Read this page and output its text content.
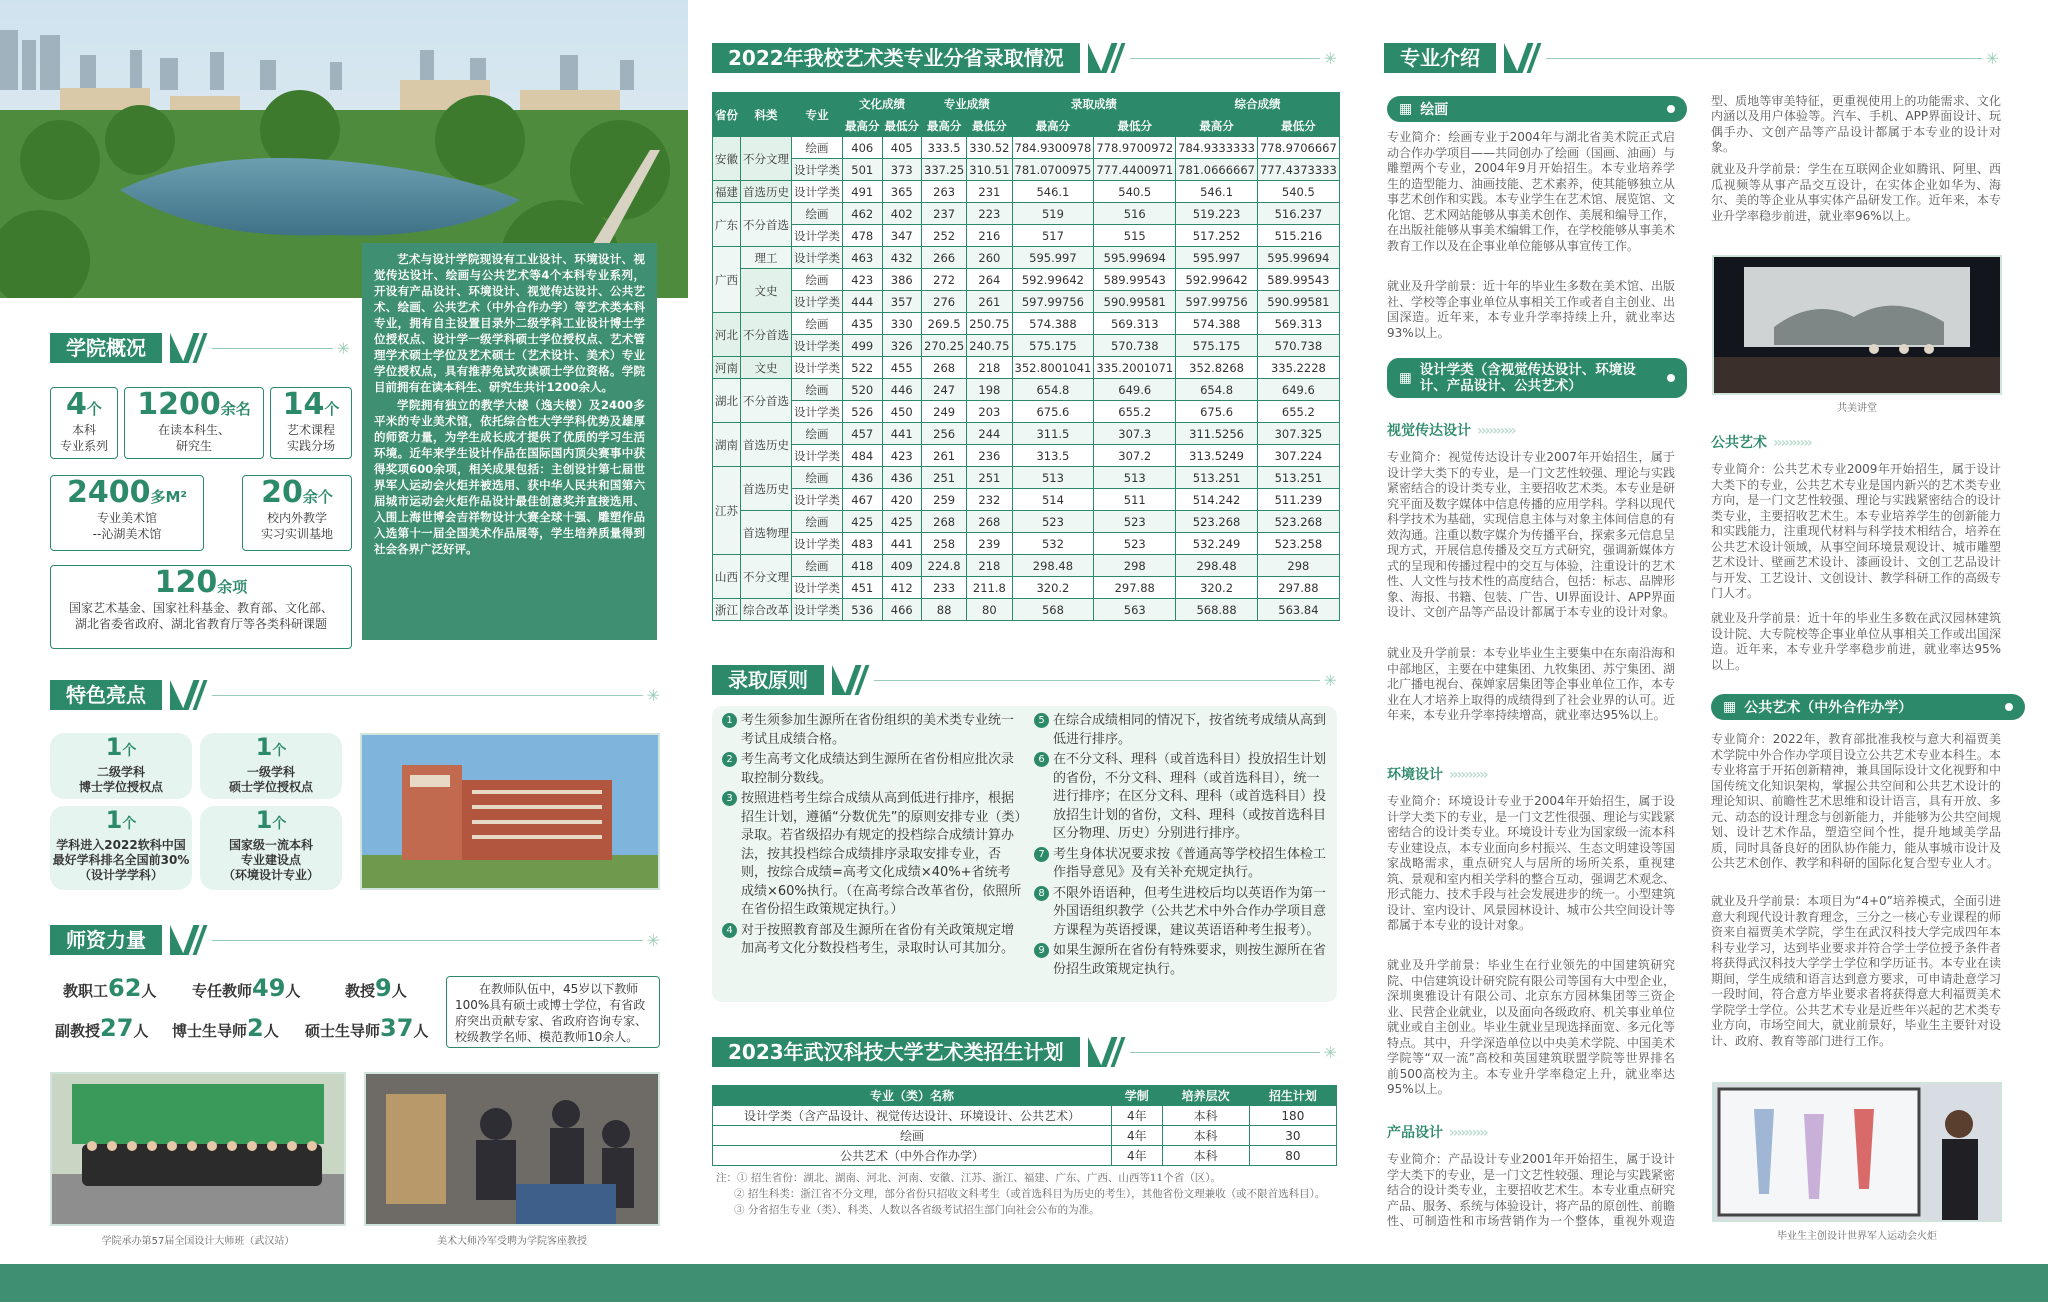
艺术与设计学院现设有工业设计、环境设计、视觉传达设计、绘画与公共艺术等4个本科专业系列，开设有产品设计、环境设计、视觉传达设计、公共艺术、绘画、公共艺术（中外合作办学）等艺术类本科专业，拥有自主设置目录外二级学科工业设计博士学位授权点、设计学一级学科硕士学位授权点、艺术管理学术硕士学位及艺术硕士（艺术设计、美术）专业学位授权点，具有推荐免试攻读硕士学位资格。学院目前拥有在读本科生、研究生共计1200余人。
学院拥有独立的教学大楼（逸夫楼）及2400多平米的专业美术馆，依托综合性大学学科优势及雄厚的师资力量，为学生成长成才提供了优质的学习生活环境。近年来学生设计作品在国际国内顶尖赛事中获得奖项600余项，相关成果包括：主创设计第七届世界军人运动会火炬并被选用、获中华人民共和国第六届城市运动会火炬作品设计最佳创意奖并直接选用、入围上海世博会吉祥物设计大赛全球十强、雕塑作品入选第十一届全国美术作品展等，学生培养质量得到社会各界广泛好评。
学院概况	✳
4个
本科
专业系列
1200余名
在读本科生、
研究生
14个
艺术课程
实践分场
2400多M²
专业美术馆
--沁湖美术馆
20余个
校内外教学
实习实训基地
120余项
国家艺术基金、国家社科基金、教育部、文化部、
湖北省委省政府、湖北省教育厅等各类科研课题
特色亮点	✳
1个
二级学科
博士学位授权点
1个
一级学科
硕士学位授权点
1个
学科进入2022软科中国
最好学科排名全国前30%
（设计学学科）
1个
国家级一流本科
专业建设点
（环境设计专业）
师资力量	✳
教职工62人 专任教师49人	教授9人
副教授27人 博士生导师2人 硕士生导师37人
在教师队伍中，45岁以下教师100%具有硕士或博士学位，有省政府突出贡献专家、省政府咨询专家、校级教学名师、模范教师10余人。
学院承办第57届全国设计大师班（武汉站）	美术大师冷军受聘为学院客座教授
2022年我校艺术类专业分省录取情况	✳
省份	科类	专业	文化成绩		专业成绩		录取成绩		综合成绩	
			最高分	最低分	最高分	最低分	最高分	最低分	最高分	最低分
安徽	不分文理	绘画	406	405	333.5	330.52	784.9300978	778.9700972	784.9333333	778.9706667
		设计学类	501	373	337.25	310.51	781.0700975	777.4400971	781.0666667	777.4373333
福建	首选历史	设计学类	491	365	263	231	546.1	540.5	546.1	540.5
广东	不分首选	绘画	462	402	237	223	519	516	519.223	516.237
		设计学类	478	347	252	216	517	515	517.252	515.216
广西	理工	设计学类	463	432	266	260	595.997	595.99694	595.997	595.99694
	文史	绘画	423	386	272	264	592.99642	589.99543	592.99642	589.99543
		设计学类	444	357	276	261	597.99756	590.99581	597.99756	590.99581
河北	不分首选	绘画	435	330	269.5	250.75	574.388	569.313	574.388	569.313
		设计学类	499	326	270.25	240.75	575.175	570.738	575.175	570.738
河南	文史	设计学类	522	455	268	218	352.8001041	335.2001071	352.8268	335.2228
湖北	不分首选	绘画	520	446	247	198	654.8	649.6	654.8	649.6
		设计学类	526	450	249	203	675.6	655.2	675.6	655.2
湖南	首选历史	绘画	457	441	256	244	311.5	307.3	311.5256	307.325
		设计学类	484	423	261	236	313.5	307.2	313.5249	307.224
江苏	首选历史	绘画	436	436	251	251	513	513	513.251	513.251
		设计学类	467	420	259	232	514	511	514.242	511.239
	首选物理	绘画	425	425	268	268	523	523	523.268	523.268
		设计学类	483	441	258	239	532	523	532.249	523.258
山西	不分文理	绘画	418	409	224.8	218	298.48	298	298.48	298
		设计学类	451	412	233	211.8	320.2	297.88	320.2	297.88
浙江	综合改革	设计学类	536	466	88	80	568	563	568.88	563.84
录取原则	✳
1 考生须参加生源所在省份组织的美术类专业统一考试且成绩合格。
2 考生高考文化成绩达到生源所在省份相应批次录取控制分数线。
3 按照进档考生综合成绩从高到低进行排序，根据招生计划，遵循“分数优先”的原则安排专业（类）录取。若省级招办有规定的投档综合成绩计算办法，按其投档综合成绩排序录取安排专业，否则，按综合成绩=高考文化成绩×40%+省统考成绩×60%执行。（在高考综合改革省份，依照所在省份招生政策规定执行。）
4 对于按照教育部及生源所在省份有关政策规定增加高考文化分数投档考生，录取时认可其加分。
5 在综合成绩相同的情况下，按省统考成绩从高到低进行排序。
6 在不分文科、理科（或首选科目）投放招生计划的省份，不分文科、理科（或首选科目），统一进行排序；在区分文科、理科（或首选科目）投放招生计划的省份，文科、理科（或按首选科目区分物理、历史）分别进行排序。
7 考生身体状况要求按《普通高等学校招生体检工作指导意见》及有关补充规定执行。
8 不限外语语种，但考生进校后均以英语作为第一外国语组织教学（公共艺术中外合作办学项目意方课程为英语授课，建议英语语种考生报考）。
9 如果生源所在省份有特殊要求，则按生源所在省份招生政策规定执行。
2023年武汉科技大学艺术类招生计划	✳
专业（类）名称	学制	培养层次	招生计划
设计学类（含产品设计、视觉传达设计、环境设计、公共艺术）	4年	本科	180
绘画	4年	本科	30
公共艺术（中外合作办学）	4年	本科	80
注：① 招生省份：湖北、湖南、河北、河南、安徽、江苏、浙江、福建、广东、广西、山西等11个省（区）。
② 招生科类：浙江省不分文理，部分省份只招收文科考生（或首选科目为历史的考生），其他省份文理兼收（或不限首选科目）。
③ 分省招生专业（类）、科类、人数以各省级考试招生部门向社会公布的为准。
专业介绍	✳
▦ 绘画
专业简介：绘画专业于2004年与湖北省美术院正式启动合作办学项目——共同创办了绘画（国画、油画）与雕塑两个专业，2004年9月开始招生。本专业培养学生的造型能力、油画技能、艺术素养，使其能够独立从事艺术创作和实践。本专业学生在艺术馆、展览馆、文化馆、艺术网站能够从事美术创作、美展和编导工作，在出版社能够从事美术编辑工作，在学校能够从事美术教育工作以及在企事业单位能够从事宣传工作。
就业及升学前景：近十年的毕业生多数在美术馆、出版社、学校等企事业单位从事相关工作或者自主创业、出国深造。近年来，本专业升学率持续上升，就业率达93%以上。
▦ 设计学类（含视觉传达设计、环境设计、产品设计、公共艺术）
视觉传达设计 ››››››››››
专业简介：视觉传达设计专业2007年开始招生，属于设计学大类下的专业，是一门文艺性较强、理论与实践紧密结合的设计类专业，主要招收艺术类。本专业是研究平面及数字媒体中信息传播的应用学科。学科以现代科学技术为基础，实现信息主体与对象主体间信息的有效沟通。注重以数字媒介为传播平台，探索多元信息呈现方式，开展信息传播及交互方式研究，强调新媒体方式的呈现和传播过程中的交互与体验，注重设计的艺术性、人文性与技术性的高度结合，包括：标志、品牌形象、海报、书籍、包装、广告、UI界面设计、APP界面设计、文创产品等产品设计都属于本专业的设计对象。
就业及升学前景：本专业毕业生主要集中在东南沿海和中部地区，主要在中建集团、九牧集团、苏宁集团、湖北广播电视台、葆婵家居集团等企事业单位工作，本专业在人才培养上取得的成绩得到了社会业界的认可。近年来，本专业升学率持续增高，就业率达95%以上。
环境设计 ››››››››››
专业简介：环境设计专业于2004年开始招生，属于设计学大类下的专业，是一门文艺性很强、理论与实践紧密结合的设计类专业。环境设计专业为国家级一流本科专业建设点，本专业面向乡村振兴、生态文明建设等国家战略需求，重点研究人与居所的场所关系，重视建筑、景观和室内相关学科的整合互动，强调艺术观念、形式能力、技术手段与社会发展进步的统一。小型建筑设计、室内设计、风景园林设计、城市公共空间设计等都属于本专业的设计对象。
就业及升学前景：毕业生在行业领先的中国建筑研究院、中信建筑设计研究院有限公司等国有大中型企业，深圳奥雅设计有限公司、北京东方园林集团等三资企业、民营企业就业，以及面向各级政府、机关事业单位就业或自主创业。毕业生就业呈现选择面宽、多元化等特点。其中，升学深造单位以中央美术学院、中国美术学院等“双一流”高校和英国建筑联盟学院等世界排名前500高校为主。本专业升学率稳定上升，就业率达95%以上。
产品设计 ››››››››››
专业简介：产品设计专业2001年开始招生，属于设计学大类下的专业，是一门文艺性较强、理论与实践紧密结合的设计类专业，主要招收艺术生。本专业重点研究产品、服务、系统与体验设计，将产品的原创性、前瞻性、可制造性和市场营销作为一个整体，重视外观造
型、质地等审美特征，更重视使用上的功能需求、文化内涵以及用户体验等。汽车、手机、APP界面设计、玩偶手办、文创产品等产品设计都属于本专业的设计对象。
就业及升学前景：学生在互联网企业如腾讯、阿里、西瓜视频等从事产品交互设计，在实体企业如华为、海尔、美的等企业从事实体产品研发工作。近年来，本专业升学率稳步前进，就业率96%以上。
共美讲堂
公共艺术 ››››››››››
专业简介：公共艺术专业2009年开始招生，属于设计大类下的专业，公共艺术专业是国内新兴的艺术类专业方向，是一门文艺性较强、理论与实践紧密结合的设计类专业，主要招收艺术生。本专业培养学生的创新能力和实践能力，注重现代材料与科学技术相结合，培养在公共艺术设计领域，从事空间环境景观设计、城市雕塑艺术设计、壁画艺术设计、漆画设计、文创工艺品设计与开发、工艺设计、文创设计、教学科研工作的高级专门人才。
就业及升学前景：近十年的毕业生多数在武汉园林建筑设计院、大专院校等企事业单位从事相关工作或出国深造。近年来，本专业升学率稳步前进，就业率达95%以上。
▦ 公共艺术（中外合作办学）
专业简介：2022年，教育部批准我校与意大利福贾美术学院中外合作办学项目设立公共艺术专业本科生。本专业将富于开拓创新精神，兼具国际设计文化视野和中国传统文化知识架构，掌握公共空间和公共艺术设计的理论知识、前瞻性艺术思维和设计语言，具有开放、多元、动态的设计理念与创新能力，并能够为公共空间规划、设计艺术作品，塑造空间个性，提升地域美学品质，同时具备良好的团队协作能力，能从事城市设计及公共艺术创作、教学和科研的国际化复合型专业人才。
就业及升学前景：本项目为“4+0”培养模式，全面引进意大利现代设计教育理念，三分之一核心专业课程的师资来自福贾美术学院，学生在武汉科技大学完成四年本科专业学习，达到毕业要求并符合学士学位授予条件者将获得武汉科技大学学士学位和学历证书。本专业在读期间，学生成绩和语言达到意方要求，可申请赴意学习一段时间，符合意方毕业要求者将获得意大利福贾美术学院学士学位。公共艺术专业是近些年兴起的艺术类专业方向，市场空间大，就业前景好，毕业生主要针对设计、政府、教育等部门进行工作。
毕业生主创设计世界军人运动会火炬
